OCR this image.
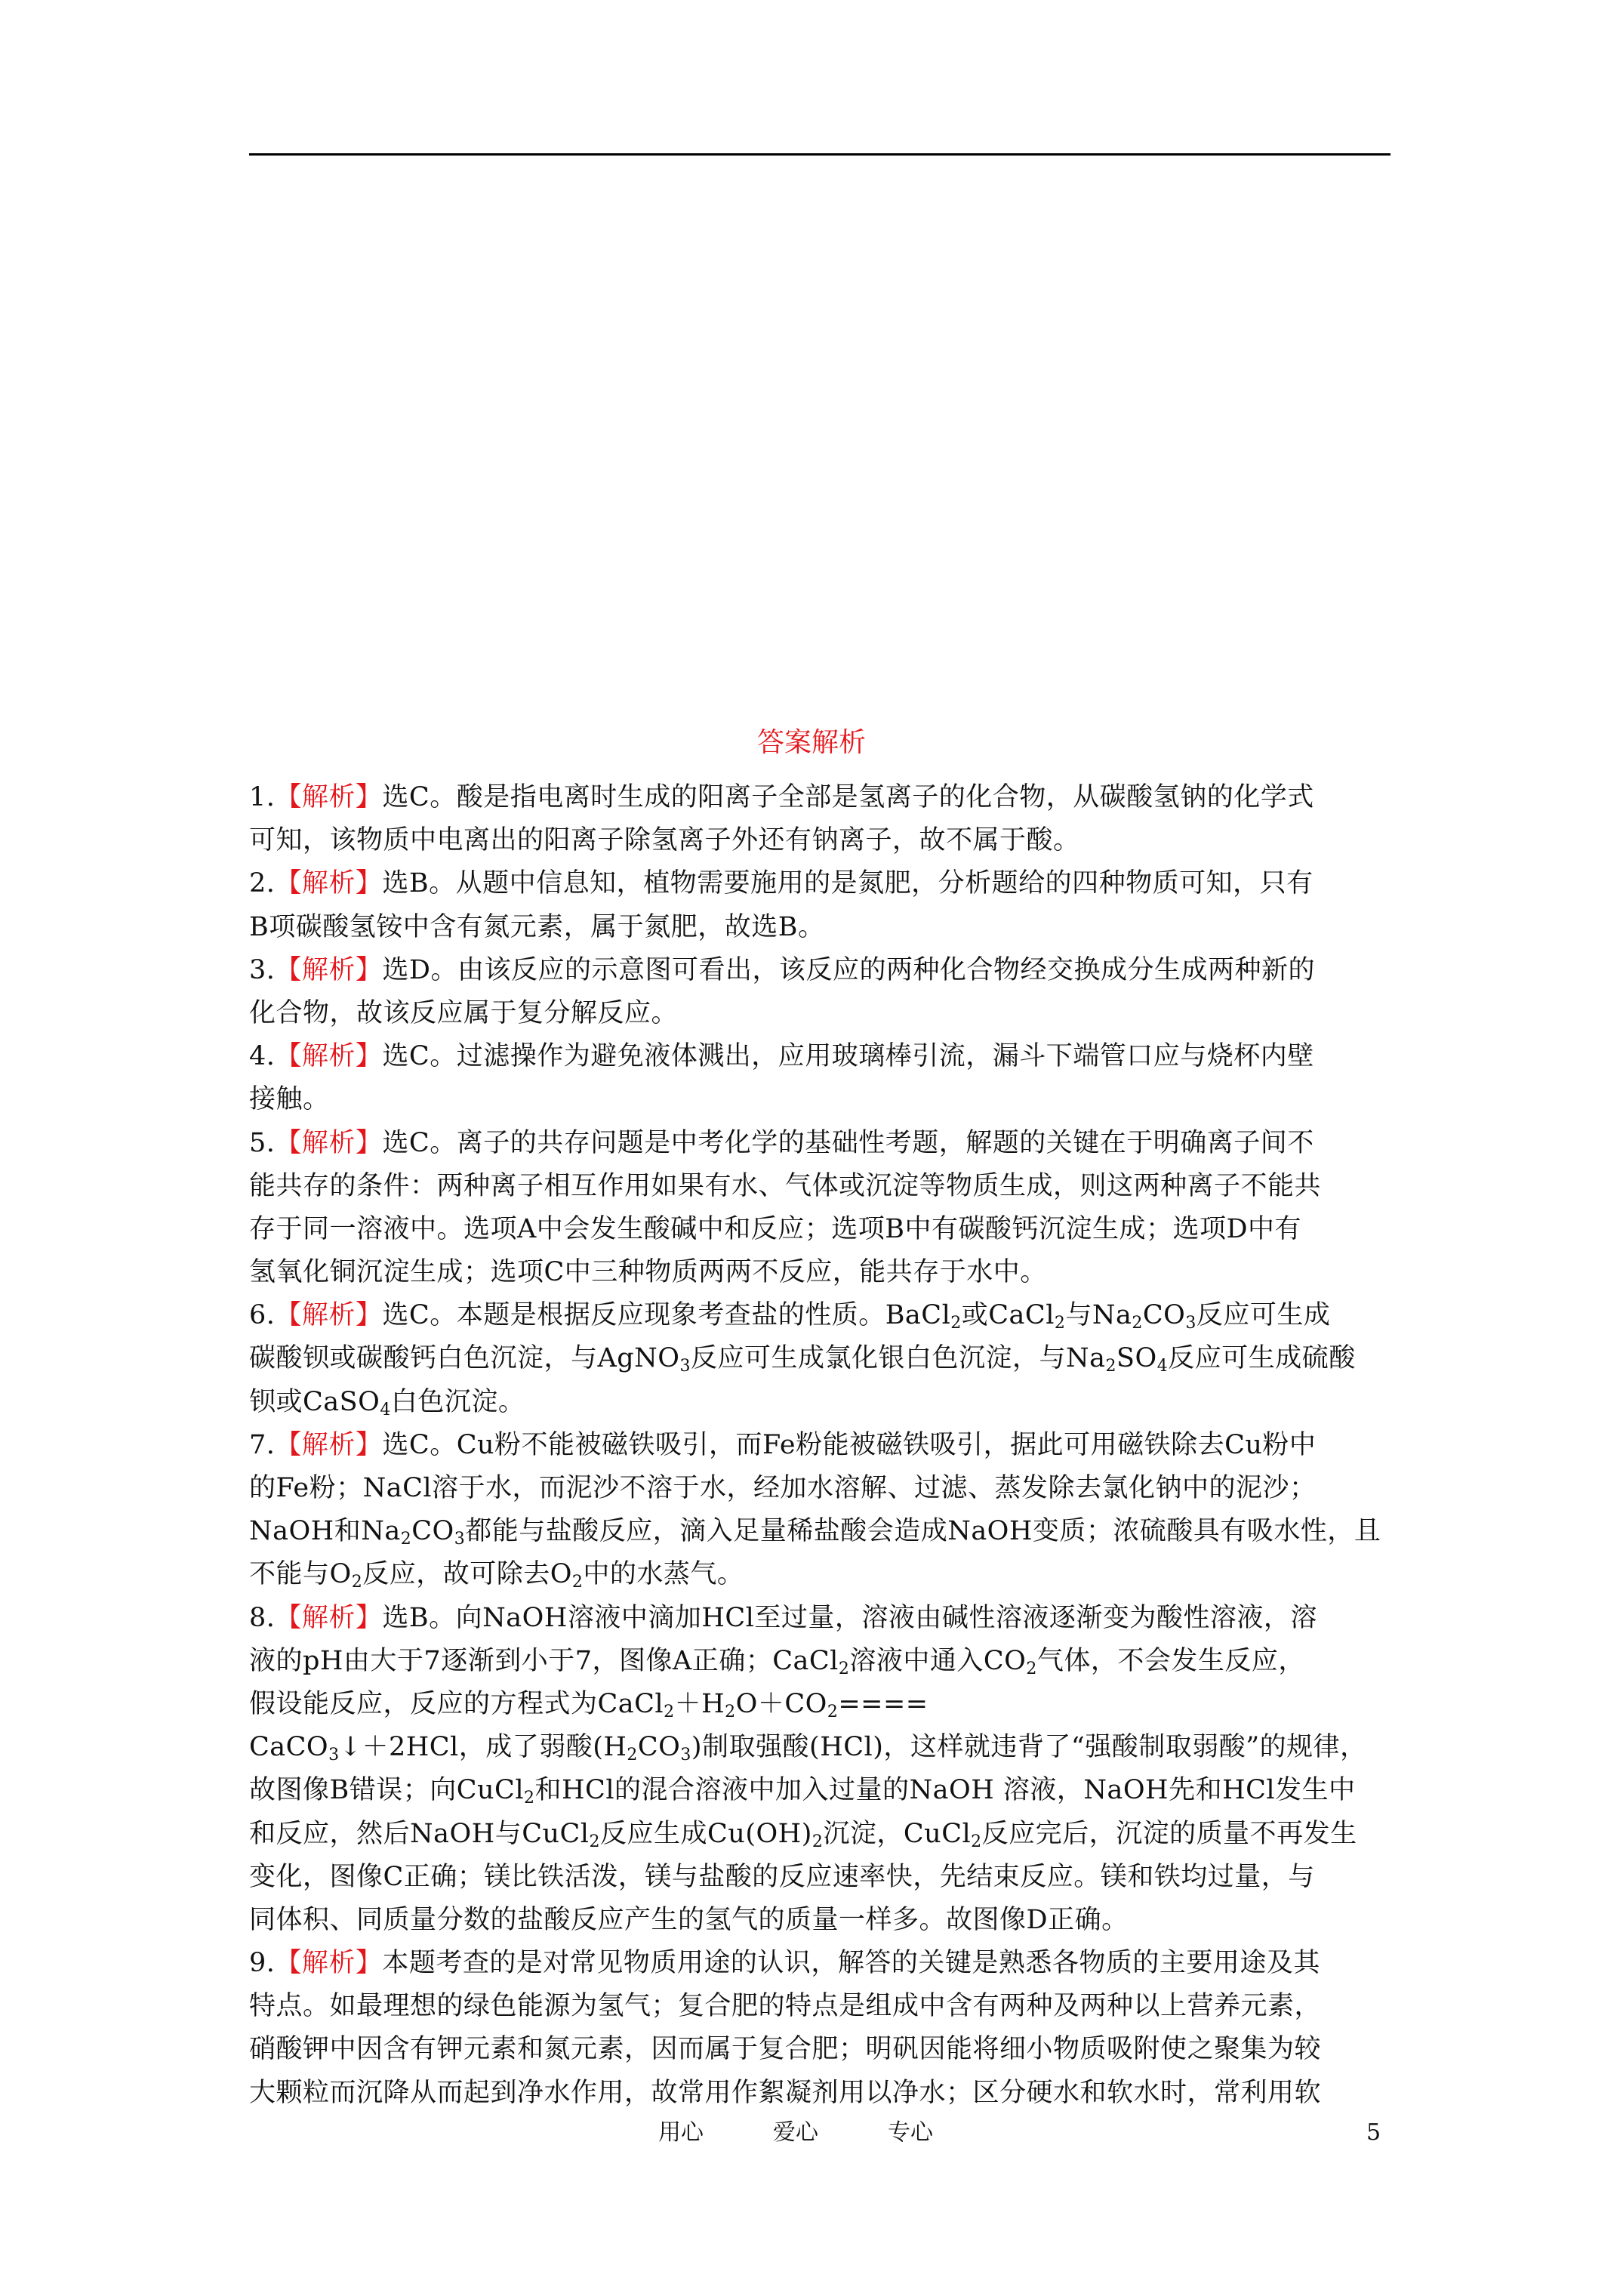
答案解析
1.【解析】选C。酸是指电离时生成的阳离子全部是氢离子的化合物，从碳酸氢钠的化学式
可知，该物质中电离出的阳离子除氢离子外还有钠离子，故不属于酸。
2.【解析】选B。从题中信息知，植物需要施用的是氮肥，分析题给的四种物质可知，只有
B项碳酸氢铵中含有氮元素，属于氮肥，故选B。
3.【解析】选D。由该反应的示意图可看出，该反应的两种化合物经交换成分生成两种新的
化合物，故该反应属于复分解反应。
4.【解析】选C。过滤操作为避免液体溅出，应用玻璃棒引流，漏斗下端管口应与烧杯内壁
接触。
5.【解析】选C。离子的共存问题是中考化学的基础性考题，解题的关键在于明确离子间不
能共存的条件：两种离子相互作用如果有水、气体或沉淀等物质生成，则这两种离子不能共
存于同一溶液中。选项A中会发生酸碱中和反应；选项B中有碳酸钙沉淀生成；选项D中有
氢氧化铜沉淀生成；选项C中三种物质两两不反应，能共存于水中。
6.【解析】选C。本题是根据反应现象考查盐的性质。BaCl$_2$或CaCl$_2$与$Na_2CO_3$反应可生成
碳酸钡或碳酸钙白色沉淀，与AgNO$_3$反应可生成氯化银白色沉淀，与$Na_2SO_4$反应可生成硫酸
钡或CaSO$_4$白色沉淀。
7.【解析】选C。Cu粉不能被磁铁吸引，而Fe粉能被磁铁吸引，据此可用磁铁除去Cu粉中
的Fe粉；NaCl溶于水，而泥沙不溶于水，经加水溶解、过滤、蒸发除去氯化钠中的泥沙；
NaOH和$Na_2CO_3$都能与盐酸反应，滴入足量稀盐酸会造成NaOH变质；浓硫酸具有吸水性，且
不能与$O_2$反应，故可除去$O_2$中的水蒸气。
8.【解析】选B。向NaOH溶液中滴加HCl至过量，溶液由碱性溶液逐渐变为酸性溶液，溶
液的pH由大于7逐渐到小于7，图像A正确；CaCl$_2$溶液中通入$CO_2$气体，不会发生反应，
假设能反应，反应的方程式为$CaCl_2+H_2O+CO_2====$
CaCO$_3$↓＋2HCl，成了弱酸$(H_2CO_3)$制取强酸(HCl)，这样就违背了“强酸制取弱酸”的规律，
故图像B错误；向CuCl$_2$和HCl的混合溶液中加入过量的NaOH 溶液，NaOH先和HCl发生中
和反应，然后NaOH与CuCl$_2$反应生成$Cu(OH)_2$沉淀，CuCl$_2$反应完后，沉淀的质量不再发生
变化，图像C正确；镁比铁活泼，镁与盐酸的反应速率快，先结束反应。镁和铁均过量，与
同体积、同质量分数的盐酸反应产生的氢气的质量一样多。故图像D正确。
9.【解析】本题考查的是对常见物质用途的认识，解答的关键是熟悉各物质的主要用途及其
特点。如最理想的绿色能源为氢气；复合肥的特点是组成中含有两种及两种以上营养元素，
硝酸钾中因含有钾元素和氮元素，因而属于复合肥；明矾因能将细小物质吸附使之聚集为较
大颗粒而沉降从而起到净水作用，故常用作絮凝剂用以净水；区分硬水和软水时，常利用软
用心	爱心	专心	5
